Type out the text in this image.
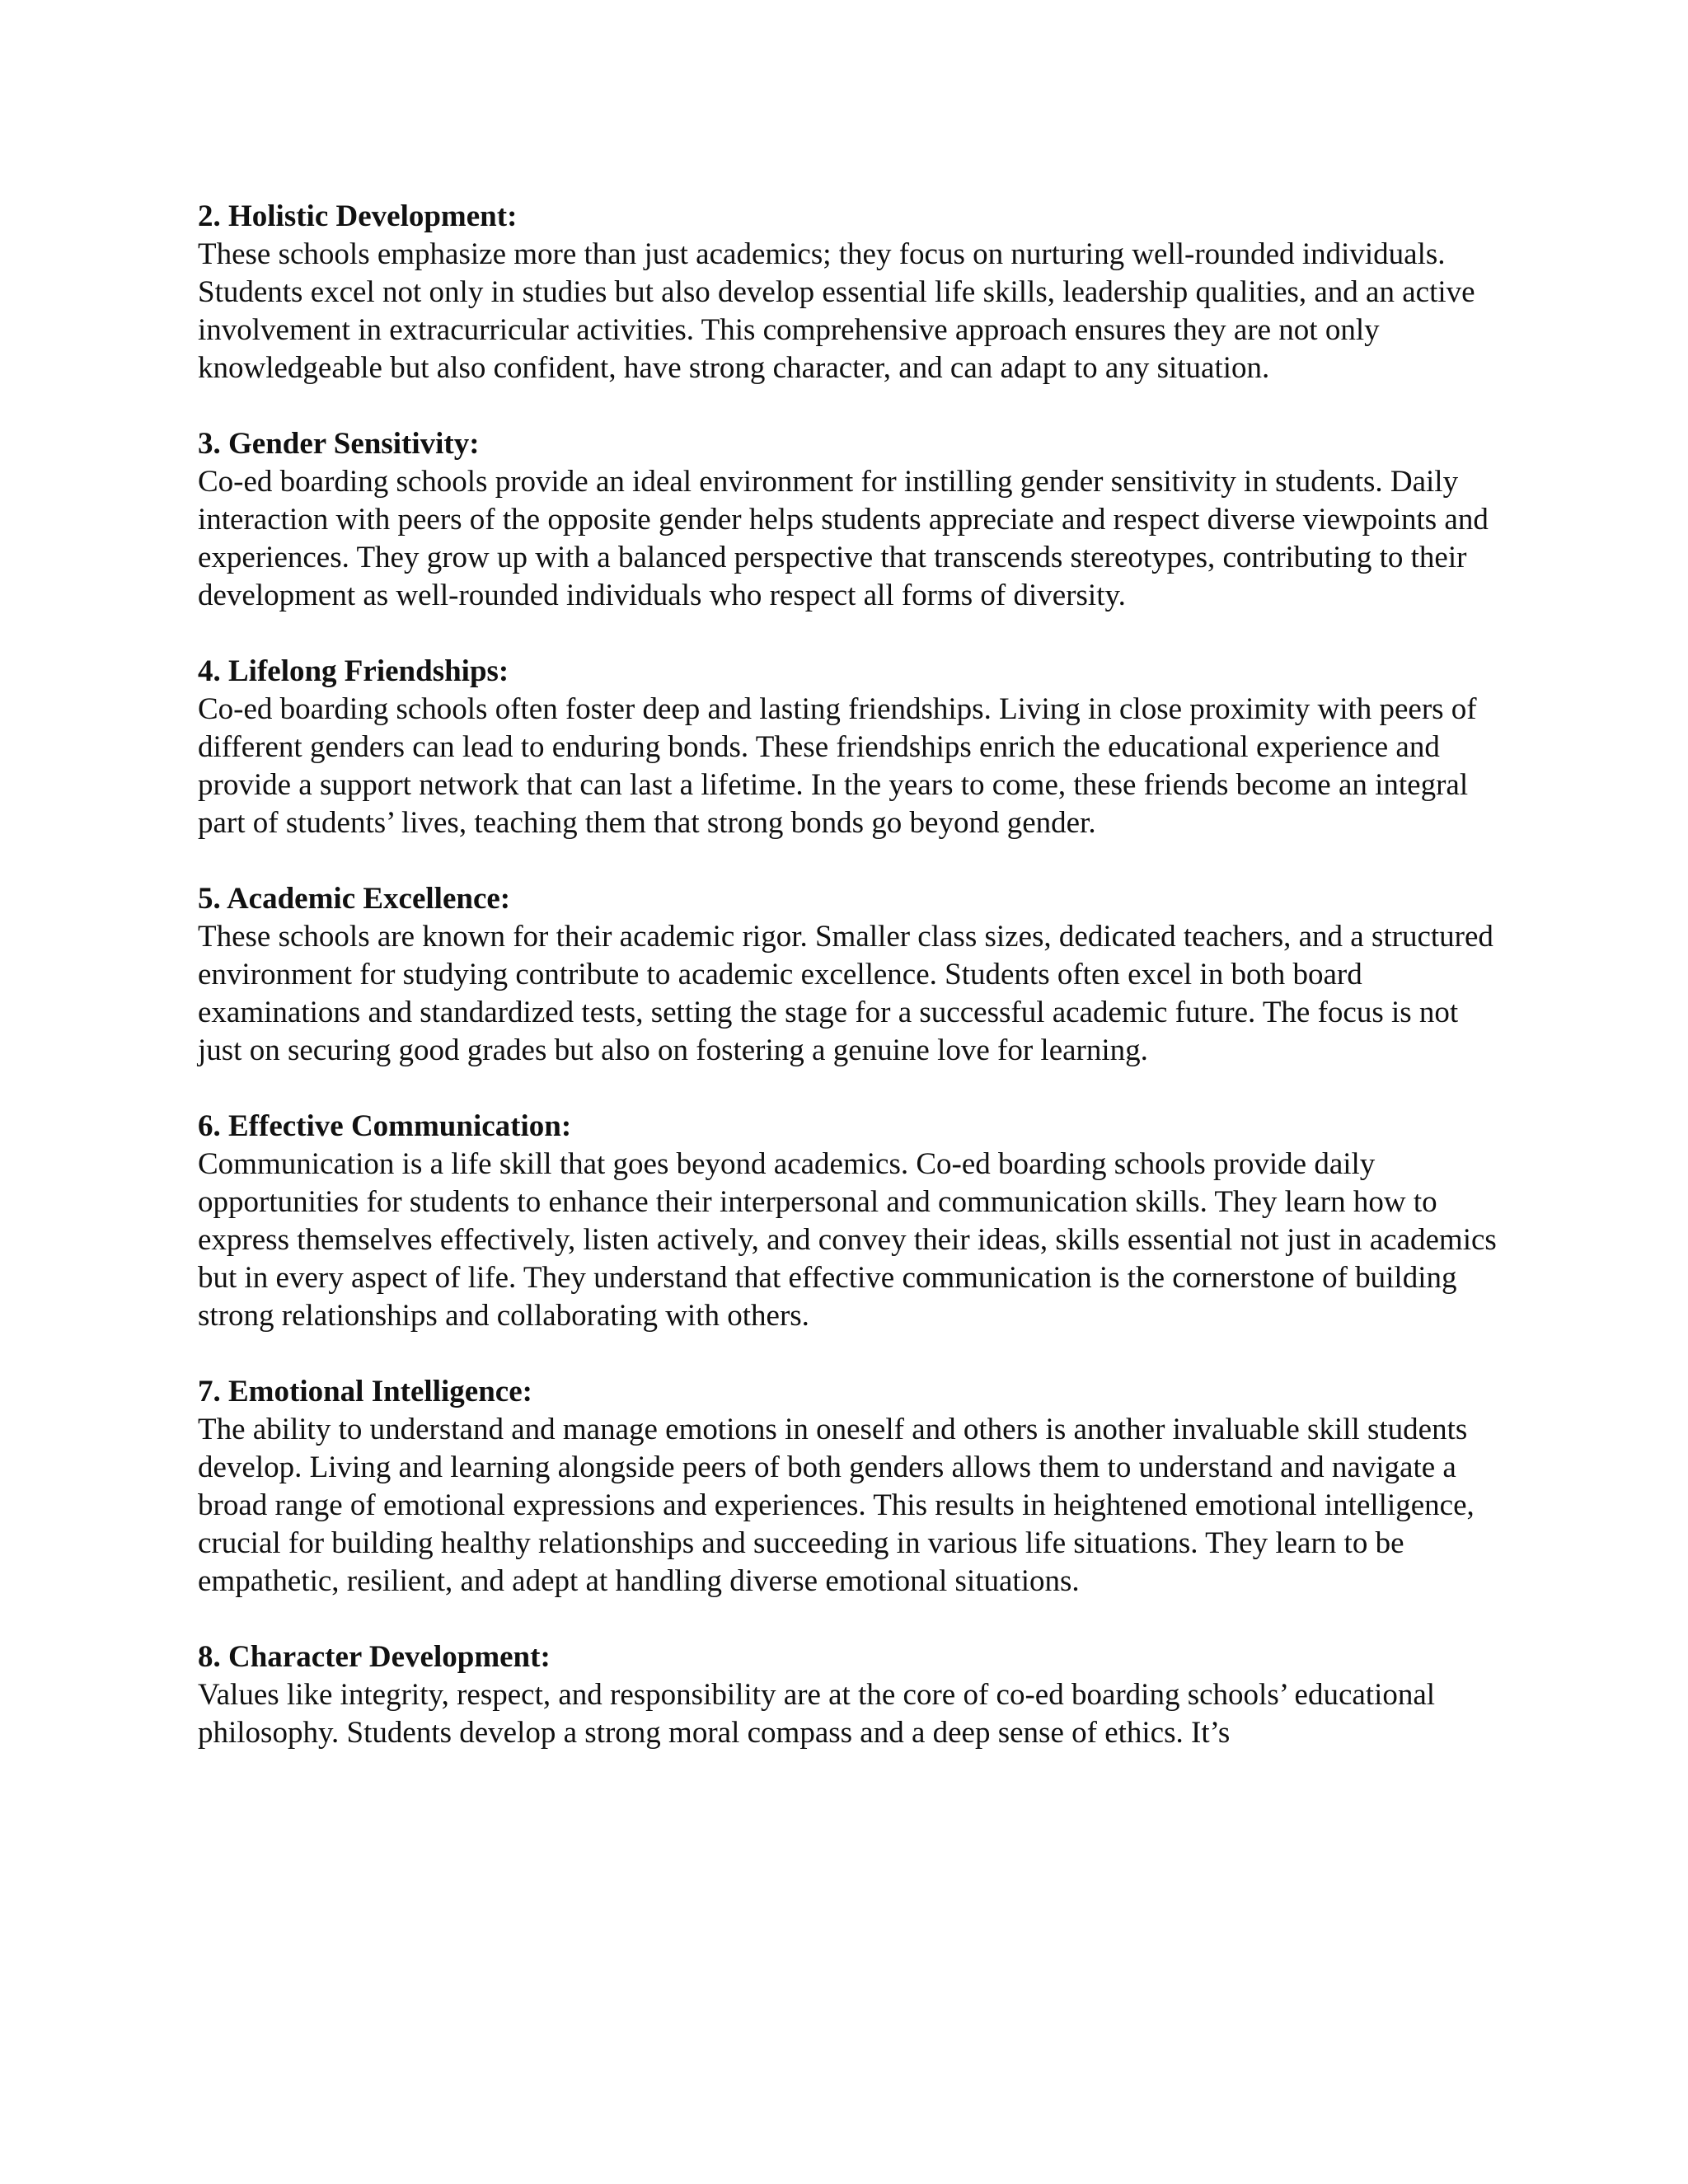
2. Holistic Development:

These schools emphasize more than just academics; they focus on nurturing well-rounded individuals. Students excel not only in studies but also develop essential life skills, leadership qualities, and an active involvement in extracurricular activities. This comprehensive approach ensures they are not only knowledgeable but also confident, have strong character, and can adapt to any situation.

3. Gender Sensitivity:

Co-ed boarding schools provide an ideal environment for instilling gender sensitivity in students. Daily interaction with peers of the opposite gender helps students appreciate and respect diverse viewpoints and experiences. They grow up with a balanced perspective that transcends stereotypes, contributing to their development as well-rounded individuals who respect all forms of diversity.

4. Lifelong Friendships:

Co-ed boarding schools often foster deep and lasting friendships. Living in close proximity with peers of different genders can lead to enduring bonds. These friendships enrich the educational experience and provide a support network that can last a lifetime. In the years to come, these friends become an integral part of students’ lives, teaching them that strong bonds go beyond gender.

5. Academic Excellence:

These schools are known for their academic rigor. Smaller class sizes, dedicated teachers, and a structured environment for studying contribute to academic excellence. Students often excel in both board examinations and standardized tests, setting the stage for a successful academic future. The focus is not just on securing good grades but also on fostering a genuine love for learning.

6. Effective Communication:

Communication is a life skill that goes beyond academics. Co-ed boarding schools provide daily opportunities for students to enhance their interpersonal and communication skills. They learn how to express themselves effectively, listen actively, and convey their ideas, skills essential not just in academics but in every aspect of life. They understand that effective communication is the cornerstone of building strong relationships and collaborating with others.

7. Emotional Intelligence:

The ability to understand and manage emotions in oneself and others is another invaluable skill students develop. Living and learning alongside peers of both genders allows them to understand and navigate a broad range of emotional expressions and experiences. This results in heightened emotional intelligence, crucial for building healthy relationships and succeeding in various life situations. They learn to be empathetic, resilient, and adept at handling diverse emotional situations.

8. Character Development:

Values like integrity, respect, and responsibility are at the core of co-ed boarding schools’ educational philosophy. Students develop a strong moral compass and a deep sense of ethics. It’s
